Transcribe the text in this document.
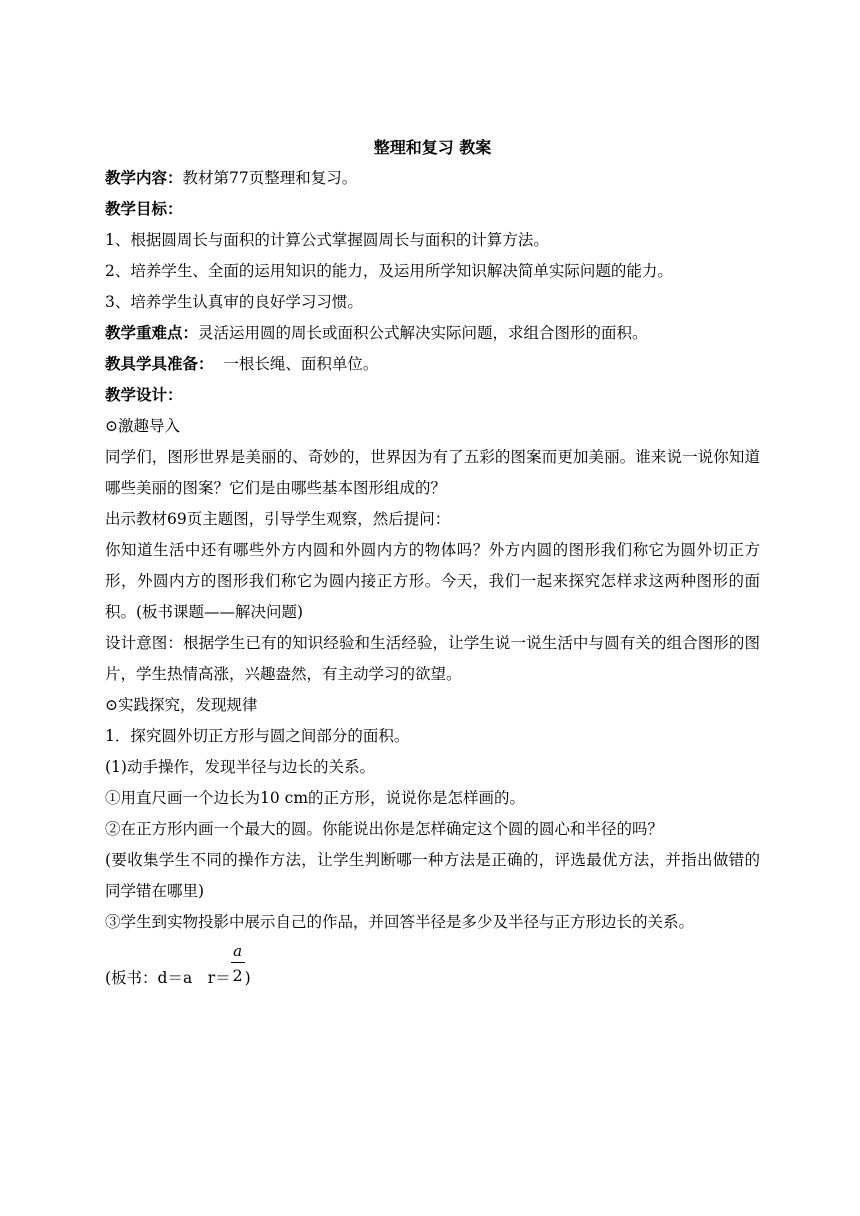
整理和复习 教案
教学内容：教材第77页整理和复习。
教学目标：
1、根据圆周长与面积的计算公式掌握圆周长与面积的计算方法。
2、培养学生、全面的运用知识的能力，及运用所学知识解决简单实际问题的能力。
3、培养学生认真审的良好学习习惯。
教学重难点：灵活运用圆的周长或面积公式解决实际问题，求组合图形的面积。
教具学具准备：  一根长绳、面积单位。
教学设计：
⊙激趣导入
同学们，图形世界是美丽的、奇妙的，世界因为有了五彩的图案而更加美丽。谁来说一说你知道哪些美丽的图案？它们是由哪些基本图形组成的？
出示教材69页主题图，引导学生观察，然后提问：
你知道生活中还有哪些外方内圆和外圆内方的物体吗？外方内圆的图形我们称它为圆外切正方形，外圆内方的图形我们称它为圆内接正方形。今天，我们一起来探究怎样求这两种图形的面积。(板书课题——解决问题)
设计意图：根据学生已有的知识经验和生活经验，让学生说一说生活中与圆有关的组合图形的图片，学生热情高涨，兴趣盎然，有主动学习的欲望。
⊙实践探究，发现规律
1．探究圆外切正方形与圆之间部分的面积。
(1)动手操作，发现半径与边长的关系。
①用直尺画一个边长为10 cm的正方形，说说你是怎样画的。
②在正方形内画一个最大的圆。你能说出你是怎样确定这个圆的圆心和半径的吗？
(要收集学生不同的操作方法，让学生判断哪一种方法是正确的，评选最优方法，并指出做错的同学错在哪里)
③学生到实物投影中展示自己的作品，并回答半径是多少及半径与正方形边长的关系。
(板书：d＝a　$r= \frac{a}{2}$ )
